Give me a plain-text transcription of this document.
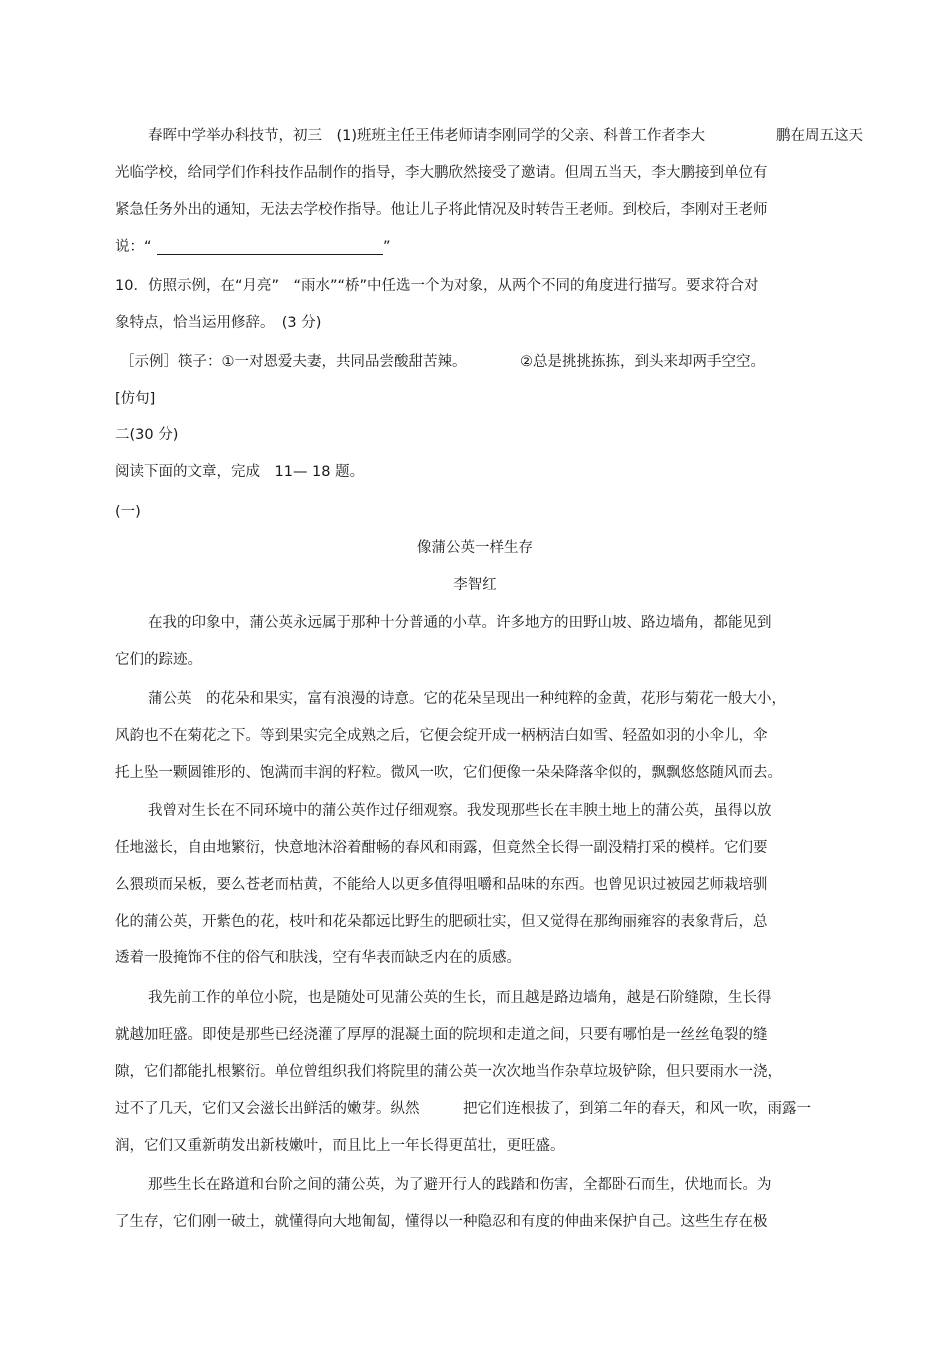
春晖中学举办科技节，初三　(1)班班主任王伟老师请李刚同学的父亲、科普工作者李大	鹏在周五这天
光临学校，给同学们作科技作品制作的指导，李大鹏欣然接受了邀请。但周五当天，李大鹏接到单位有
紧急任务外出的通知，无法去学校作指导。他让儿子将此情况及时转告王老师。到校后，李刚对王老师
说：“	”
10．仿照示例，在“月亮”　“雨水”“桥”中任选一个为对象，从两个不同的角度进行描写。要求符合对
象特点，恰当运用修辞。　(3 分)
［示例］筷子：①一对恩爱夫妻，共同品尝酸甜苦辣。	②总是挑挑拣拣，到头来却两手空空。
[仿句]
二(30 分)
阅读下面的文章，完成　11— 18 题。
(一)
像蒲公英一样生存
李智红
在我的印象中，蒲公英永远属于那种十分普通的小草。许多地方的田野山坡、路边墙角，都能见到
它们的踪迹。
蒲公英　的花朵和果实，富有浪漫的诗意。它的花朵呈现出一种纯粹的金黄，花形与菊花一般大小，
风韵也不在菊花之下。等到果实完全成熟之后，它便会绽开成一柄柄洁白如雪、轻盈如羽的小伞儿，伞
托上坠一颗圆锥形的、饱满而丰润的籽粒。微风一吹，它们便像一朵朵降落伞似的，飘飘悠悠随风而去。
我曾对生长在不同环境中的蒲公英作过仔细观察。我发现那些长在丰腴土地上的蒲公英，虽得以放
任地滋长，自由地繁衍，快意地沐浴着酣畅的春风和雨露，但竟然全长得一副没精打采的模样。它们要
么猥琐而呆板，要么苍老而枯黄，不能给人以更多值得咀嚼和品味的东西。也曾见识过被园艺师栽培驯
化的蒲公英，开紫色的花，枝叶和花朵都远比野生的肥硕壮实，但又觉得在那绚丽雍容的表象背后，总
透着一股掩饰不住的俗气和肤浅，空有华表而缺乏内在的质感。
我先前工作的单位小院，也是随处可见蒲公英的生长，而且越是路边墙角，越是石阶缝隙，生长得
就越加旺盛。即使是那些已经浇灌了厚厚的混凝土面的院坝和走道之间，只要有哪怕是一丝丝龟裂的缝
隙，它们都能扎根繁衍。单位曾组织我们将院里的蒲公英一次次地当作杂草垃圾铲除，但只要雨水一浇，
过不了几天，它们又会滋长出鲜活的嫩芽。纵然　　　把它们连根拔了，到第二年的春天，和风一吹，雨露一
润，它们又重新萌发出新枝嫩叶，而且比上一年长得更茁壮，更旺盛。
那些生长在路道和台阶之间的蒲公英，为了避开行人的践踏和伤害，全都卧石而生，伏地而长。为
了生存，它们刚一破土，就懂得向大地匍匐，懂得以一种隐忍和有度的伸曲来保护自己。这些生存在极
